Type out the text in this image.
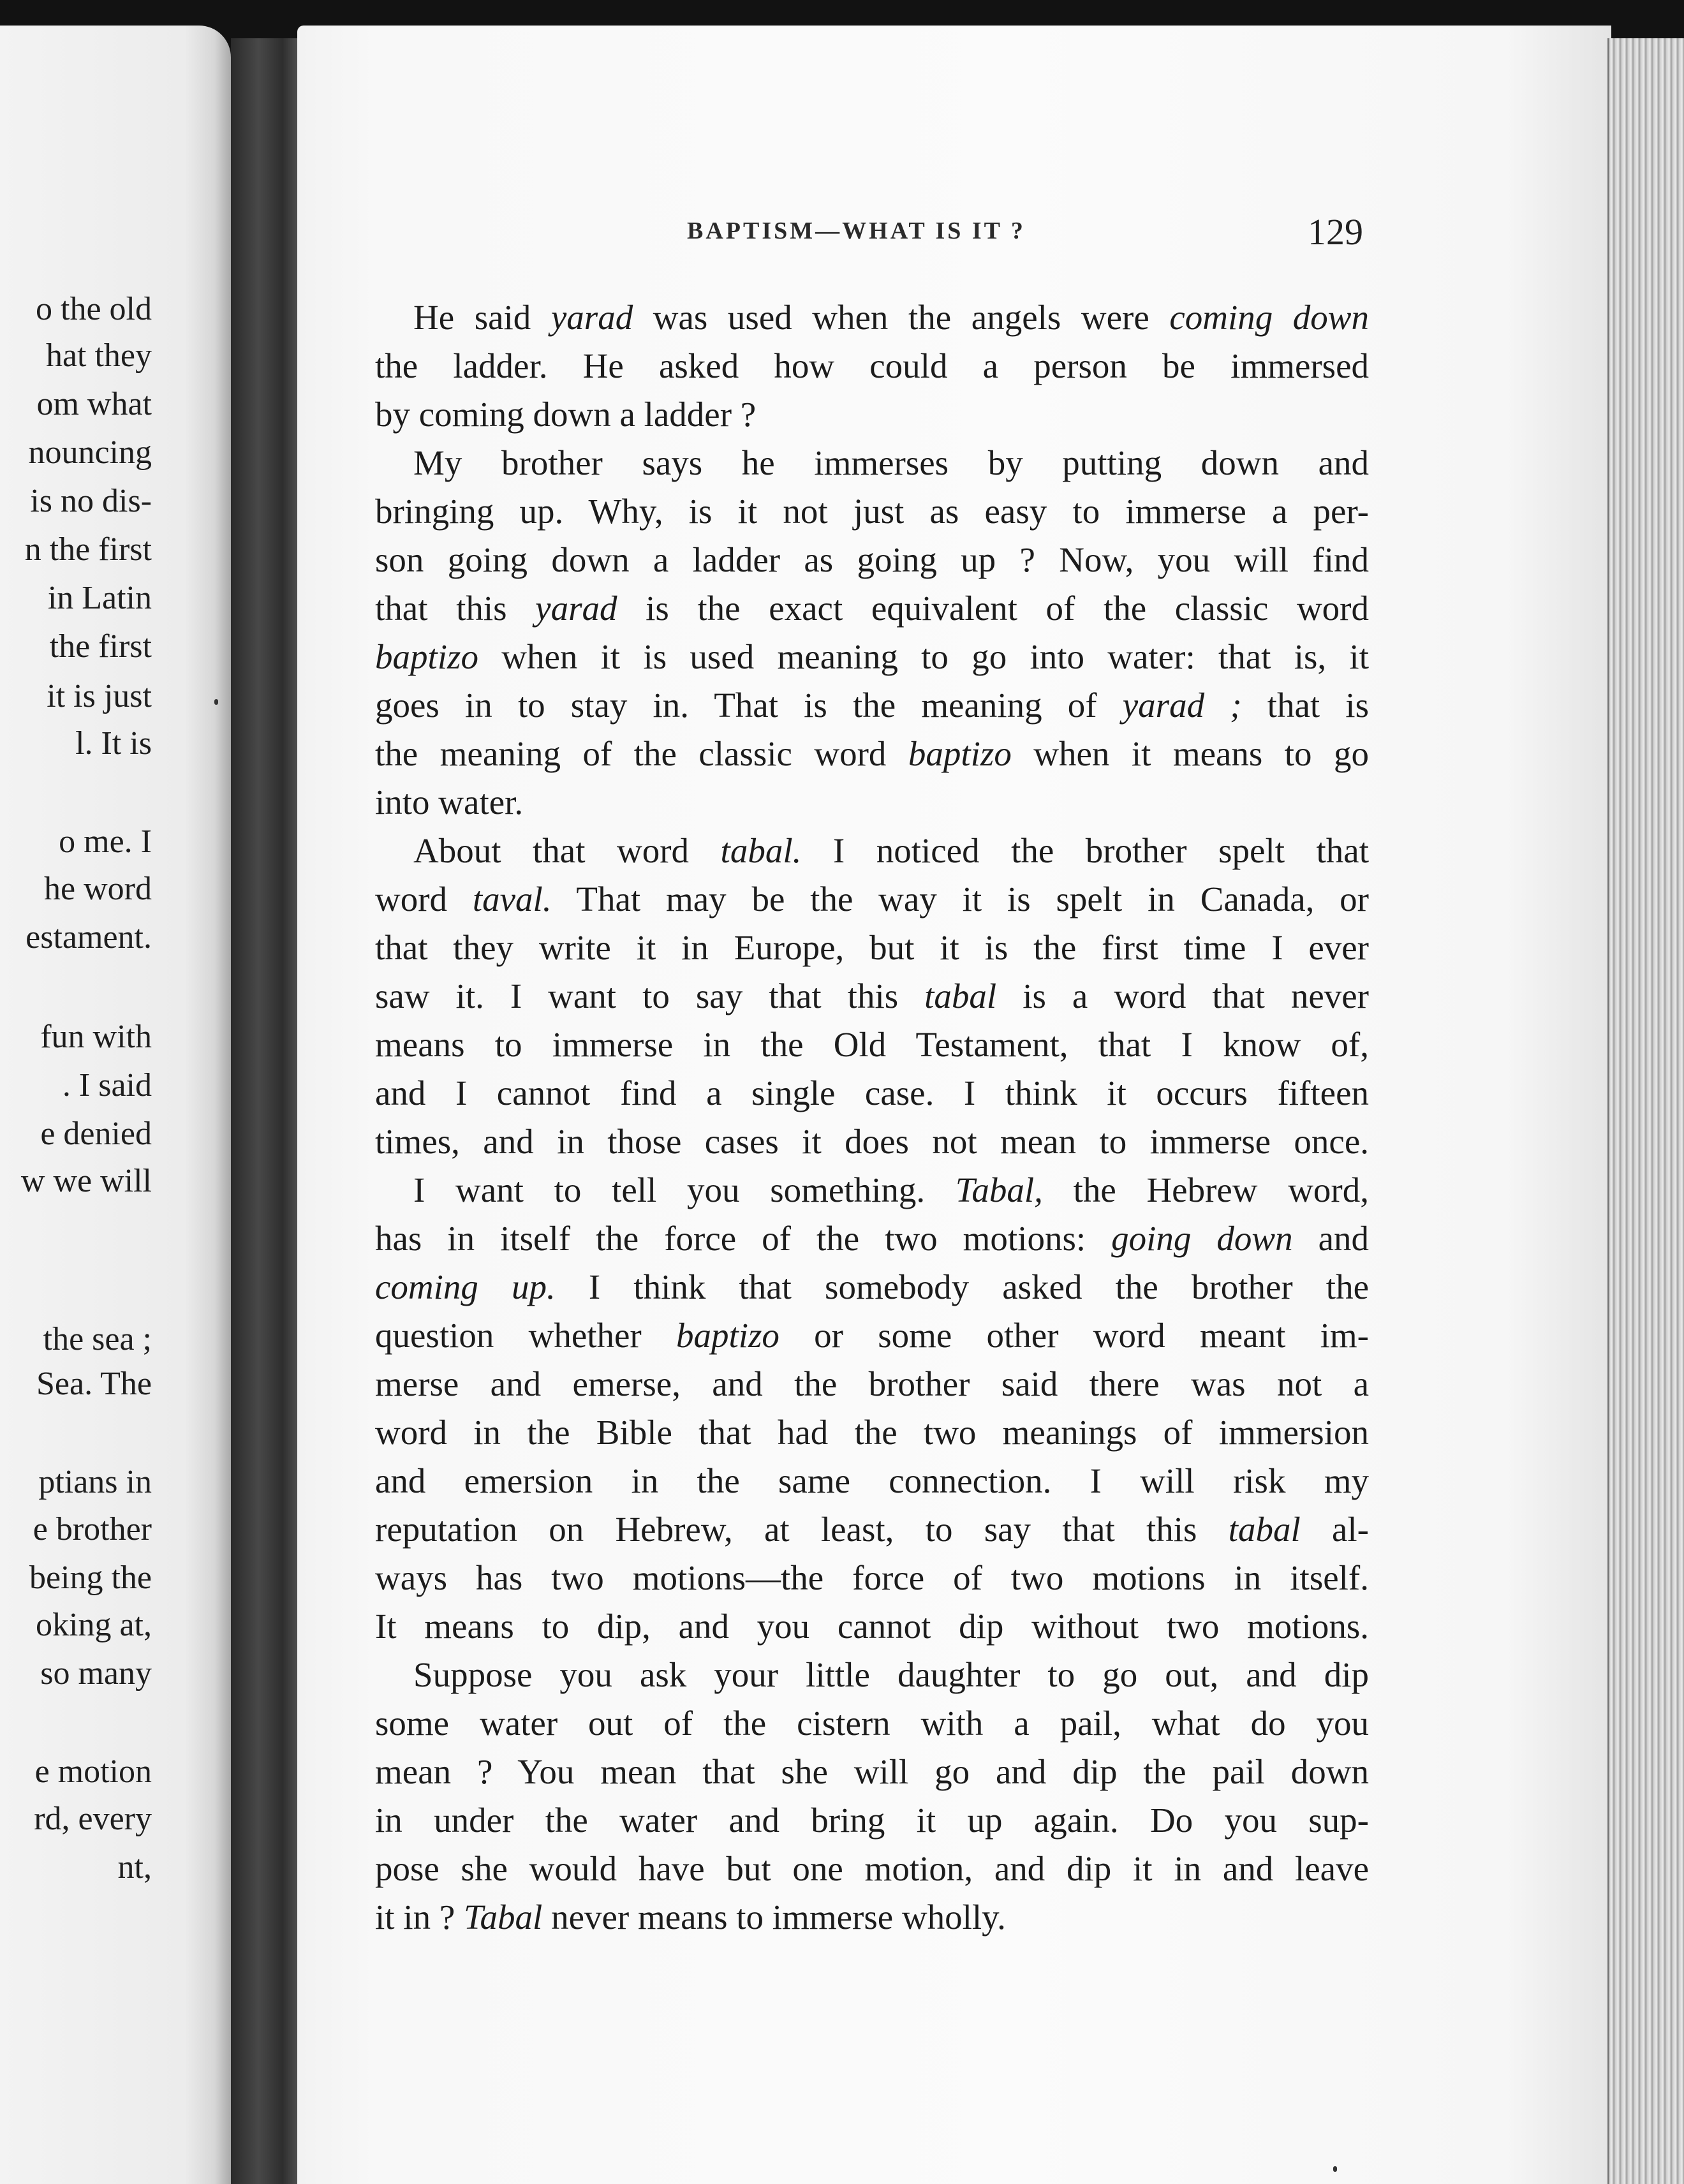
o the old
hat they
om what
nouncing
is no dis-
n the first
in Latin
the first
it is just
l. It is
o me. I
he word
estament.
fun with
. I said
e denied
w we will
the sea ;
Sea. The
ptians in
e brother
being the
oking at,
so many
e motion
rd, every
nt,
BAPTISM—WHAT IS IT ?	129
He said yarad was used when the angels were coming down
the ladder. He asked how could a person be immersed
by coming down a ladder ?
My brother says he immerses by putting down and
bringing up. Why, is it not just as easy to immerse a per-
son going down a ladder as going up ? Now, you will find
that this yarad is the exact equivalent of the classic word
baptizo when it is used meaning to go into water: that is, it
goes in to stay in. That is the meaning of yarad ; that is
the meaning of the classic word baptizo when it means to go
into water.
About that word tabal. I noticed the brother spelt that
word taval. That may be the way it is spelt in Canada, or
that they write it in Europe, but it is the first time I ever
saw it. I want to say that this tabal is a word that never
means to immerse in the Old Testament, that I know of,
and I cannot find a single case. I think it occurs fifteen
times, and in those cases it does not mean to immerse once.
I want to tell you something. Tabal, the Hebrew word,
has in itself the force of the two motions: going down and
coming up. I think that somebody asked the brother the
question whether baptizo or some other word meant im-
merse and emerse, and the brother said there was not a
word in the Bible that had the two meanings of immersion
and emersion in the same connection. I will risk my
reputation on Hebrew, at least, to say that this tabal al-
ways has two motions—the force of two motions in itself.
It means to dip, and you cannot dip without two motions.
Suppose you ask your little daughter to go out, and dip
some water out of the cistern with a pail, what do you
mean ? You mean that she will go and dip the pail down
in under the water and bring it up again. Do you sup-
pose she would have but one motion, and dip it in and leave
it in ? Tabal never means to immerse wholly.
